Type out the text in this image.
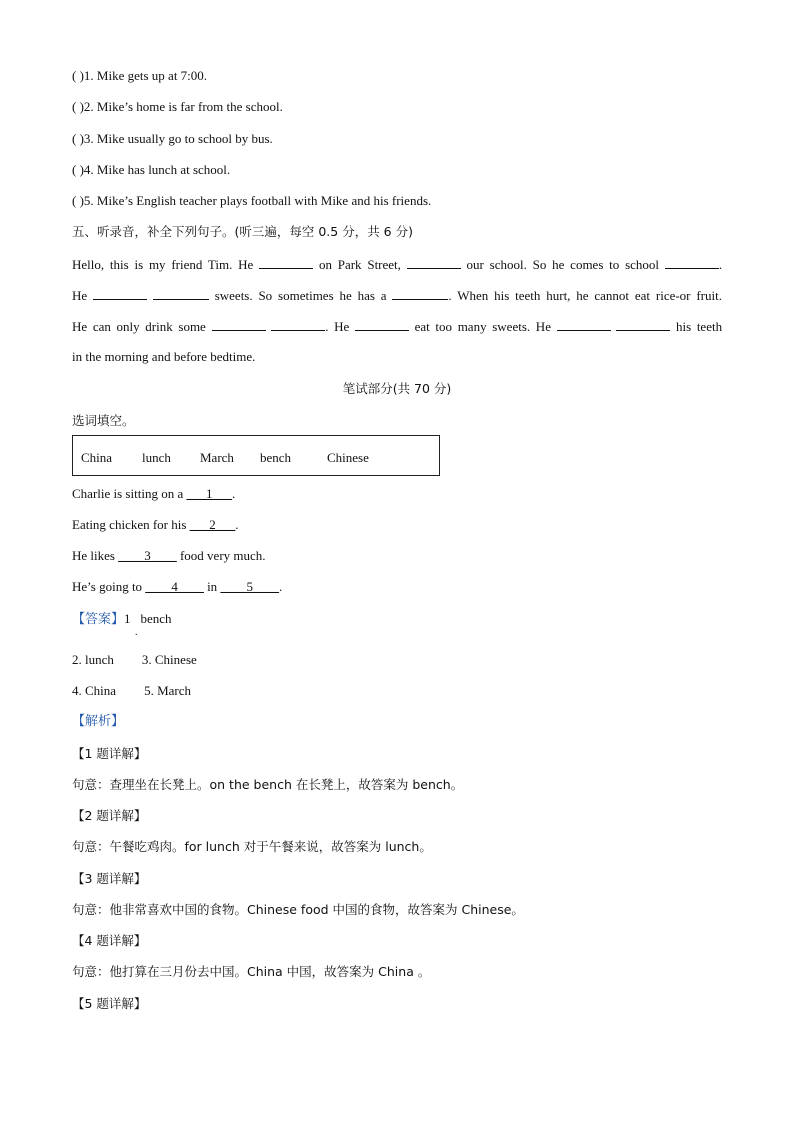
( )1. Mike gets up at 7:00.
( )2. Mike’s home is far from the school.
( )3. Mike usually go to school by bus.
( )4. Mike has lunch at school.
( )5. Mike’s English teacher plays football with Mike and his friends.
五、听录音，补全下列句子。(听三遍，每空 0.5 分，共 6 分)
Hello, this is my friend Tim. He	on Park Street,	our school. So he comes to school	.
He	sweets. So sometimes he has a	. When his teeth hurt, he cannot eat rice-or fruit.
He can only drink some	. He	eat too many sweets. He	his teeth
in the morning and before bedtime.
笔试部分(共 70 分)
选词填空。
China lunch March bench	Chinese
Charlie is sitting on a ___1___.
Eating chicken for his ___2___.
He likes ____3____ food very much.
He’s going to ____4____ in ____5____.
【答案】1 bench
.
2. lunch 3. Chinese
4. China 5. March
【解析】
【1 题详解】
句意：查理坐在长凳上。on the bench 在长凳上，故答案为 bench。
【2 题详解】
句意：午餐吃鸡肉。for lunch 对于午餐来说，故答案为 lunch。
【3 题详解】
句意：他非常喜欢中国的食物。Chinese food 中国的食物，故答案为 Chinese。
【4 题详解】
句意：他打算在三月份去中国。China 中国，故答案为 China 。
【5 题详解】
